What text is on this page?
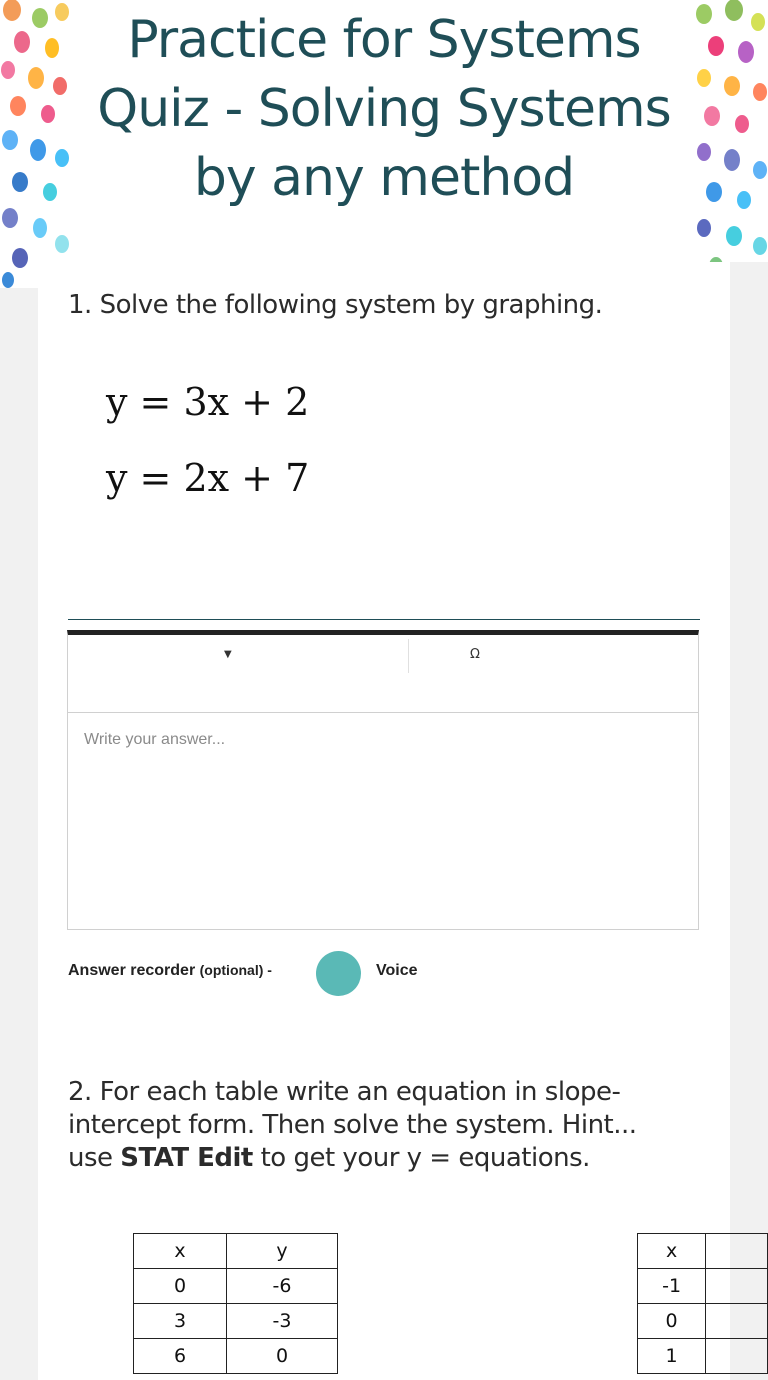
Practice for Systems Quiz - Solving Systems by any method
1. Solve the following system by graphing.
y = 3x + 2
y = 2x + 7
▼	Ω
Write your answer...
Answer recorder (optional) -	Voice
2. For each table write an equation in slope-intercept form. Then solve the system. Hint... use STAT Edit to get your y = equations.
x	y
0	-6
3	-3
6	0
x	
-1	
0	
1	
